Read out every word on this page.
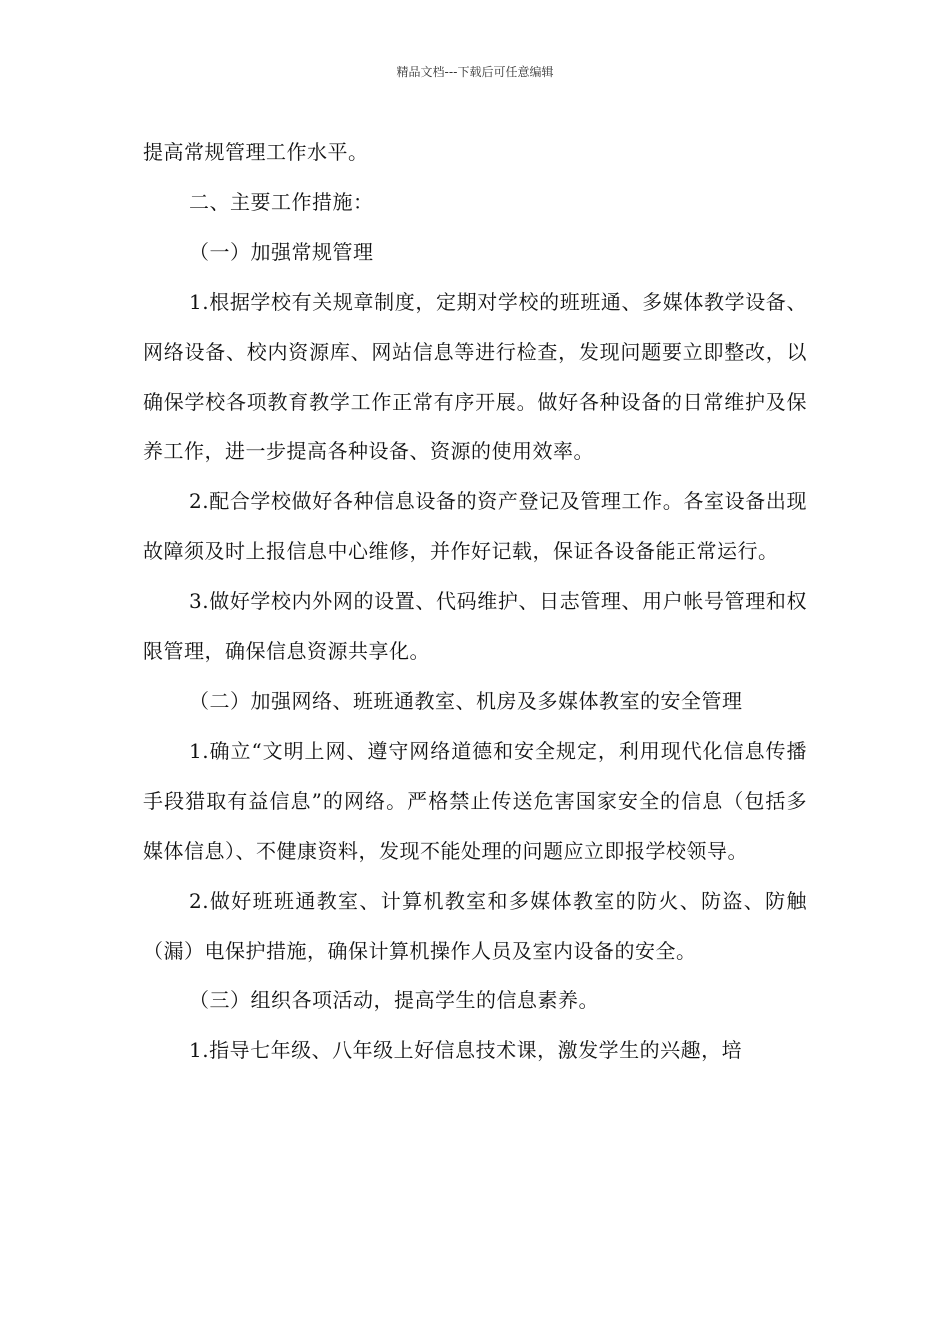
精品文档---下载后可任意编辑

提高常规管理工作水平。

二、主要工作措施：

（一）加强常规管理

1.根据学校有关规章制度，定期对学校的班班通、多媒体教学设备、网络设备、校内资源库、网站信息等进行检查，发现问题要立即整改，以确保学校各项教育教学工作正常有序开展。做好各种设备的日常维护及保养工作，进一步提高各种设备、资源的使用效率。

2.配合学校做好各种信息设备的资产登记及管理工作。各室设备出现故障须及时上报信息中心维修，并作好记载，保证各设备能正常运行。

3.做好学校内外网的设置、代码维护、日志管理、用户帐号管理和权限管理，确保信息资源共享化。

（二）加强网络、班班通教室、机房及多媒体教室的安全管理

1.确立“文明上网、遵守网络道德和安全规定，利用现代化信息传播手段猎取有益信息”的网络。严格禁止传送危害国家安全的信息（包括多媒体信息）、不健康资料，发现不能处理的问题应立即报学校领导。

2.做好班班通教室、计算机教室和多媒体教室的防火、防盗、防触（漏）电保护措施，确保计算机操作人员及室内设备的安全。

（三）组织各项活动，提高学生的信息素养。

1.指导七年级、八年级上好信息技术课，激发学生的兴趣，培
